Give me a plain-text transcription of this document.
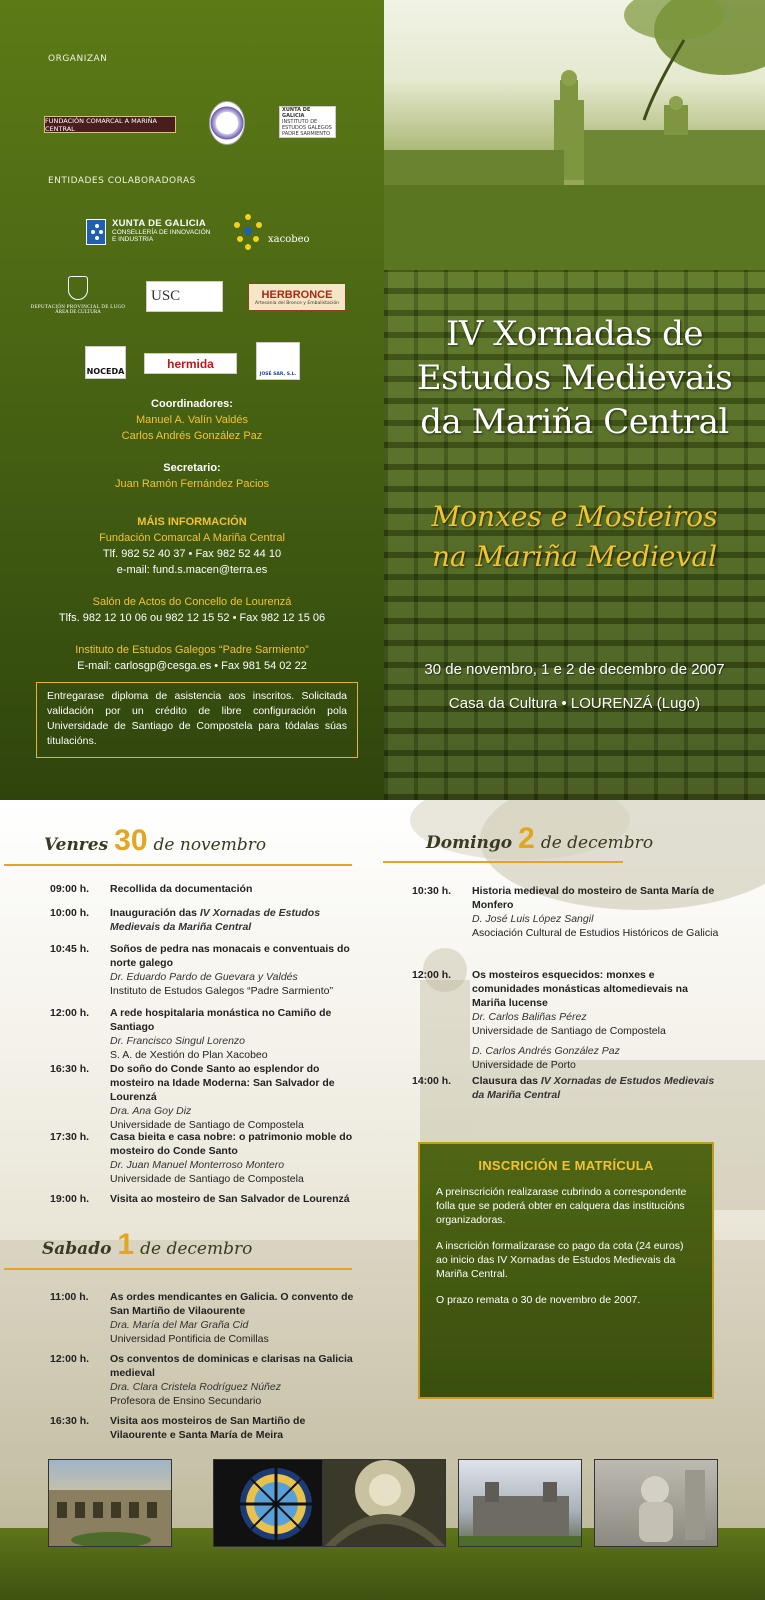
ORGANIZAN
FUNDACIÓN COMARCAL A MARIÑA CENTRAL
XUNTA DE GALICIA
INSTITUTO DE ESTUDOS GALEGOS PADRE SARMIENTO
ENTIDADES COLABORADORAS
XUNTA DE GALICIA
CONSELLERÍA DE INNOVACIÓN
E INDUSTRIA	xacobeo
DEPUTACIÓN PROVINCIAL DE LUGO
ÁREA DE CULTURA
USC	HERBRONCE
Artesanía del Bronce y Embalistación
NOCEDA
hermida
JOSÉ SAR, S.L.
Coordinadores:
Manuel A. Valín Valdés
Carlos Andrés González Paz
Secretario:
Juan Ramón Fernández Pacios
MÁIS INFORMACIÓN
Fundación Comarcal A Mariña Central
Tlf. 982 52 40 37 • Fax 982 52 44 10
e-mail: fund.s.macen@terra.es
Salón de Actos do Concello de Lourenzá
Tlfs. 982 12 10 06 ou 982 12 15 52 • Fax 982 12 15 06
Instituto de Estudos Galegos “Padre Sarmiento”
E-mail: carlosgp@cesga.es • Fax 981 54 02 22
Entregarase diploma de asistencia aos inscritos. Solicitada validación por un crédito de libre configuración pola Universidade de Santiago de Compostela para tódalas súas titulacións.
IV Xornadas de
Estudos Medievais
da Mariña Central
Monxes e Mosteiros
na Mariña Medieval
30 de novembro, 1 e 2 de decembro de 2007
Casa da Cultura • LOURENZÁ (Lugo)
Venres 30 de novembro
09:00 h.	Recollida da documentación
10:00 h.	Inauguración das IV Xornadas de Estudos Medievais da Mariña Central
10:45 h.	Soños de pedra nas monacais e conventuais do norte galego
Dr. Eduardo Pardo de Guevara y Valdés
Instituto de Estudos Galegos “Padre Sarmiento”
12:00 h.	A rede hospitalaria monástica no Camiño de Santiago
Dr. Francisco Singul Lorenzo
S. A. de Xestión do Plan Xacobeo
16:30 h.	Do soño do Conde Santo ao esplendor do mosteiro na Idade Moderna: San Salvador de Lourenzá
Dra. Ana Goy Diz
Universidade de Santiago de Compostela
17:30 h.	Casa bieita e casa nobre: o patrimonio moble do mosteiro do Conde Santo
Dr. Juan Manuel Monterroso Montero
Universidade de Santiago de Compostela
19:00 h.	Visita ao mosteiro de San Salvador de Lourenzá
Sabado 1 de decembro
11:00 h.	As ordes mendicantes en Galicia. O convento de San Martiño de Vilaourente
Dra. María del Mar Graña Cid
Universidad Pontificia de Comillas
12:00 h.	Os conventos de dominicas e clarisas na Galicia medieval
Dra. Clara Cristela Rodríguez Núñez
Profesora de Ensino Secundario
16:30 h.	Visita aos mosteiros de San Martiño de Vilaourente e Santa María de Meira
Domingo 2 de decembro
10:30 h.	Historia medieval do mosteiro de Santa María de Monfero
D. José Luis López Sangil
Asociación Cultural de Estudios Históricos de Galicia
12:00 h.	Os mosteiros esquecidos: monxes e comunidades monásticas altomedievais na Mariña lucense
Dr. Carlos Baliñas Pérez
Universidade de Santiago de Compostela
D. Carlos Andrés González Paz
Universidade de Porto
14:00 h.	Clausura das IV Xornadas de Estudos Medievais da Mariña Central
INSCRICIÓN E MATRÍCULA

A preinscrición realizarase cubrindo a correspondente folla que se poderá obter en calquera das institucións organizadoras.

A inscrición formalizarase co pago da cota (24 euros) ao inicio das IV Xornadas de Estudos Medievais da Mariña Central.

O prazo remata o 30 de novembro de 2007.
